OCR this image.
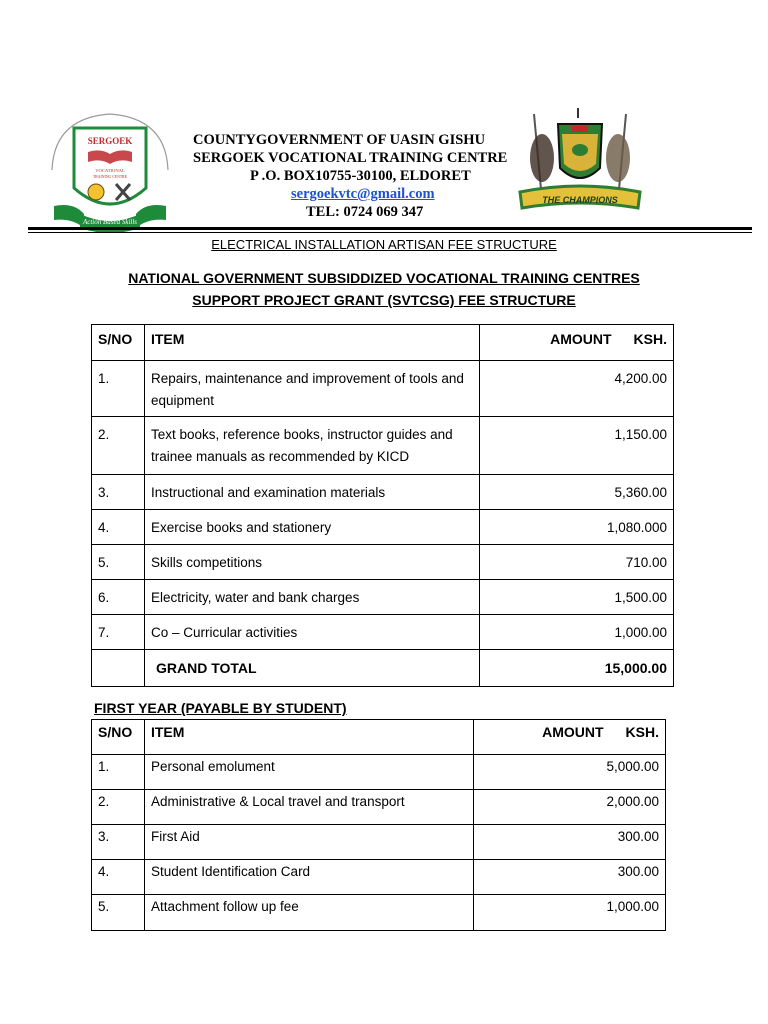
SERGOEK
VOCATIONAL
TRAINING CENTRE
Action Based Skills
THE CHAMPIONS
COUNTYGOVERNMENT OF UASIN GISHU
SERGOEK VOCATIONAL TRAINING CENTRE
P .O. BOX10755-30100, ELDORET
sergoekvtc@gmail.com
TEL: 0724 069 347
ELECTRICAL INSTALLATION ARTISAN FEE STRUCTURE
NATIONAL GOVERNMENT SUBSIDDIZED VOCATIONAL TRAINING CENTRES
SUPPORT PROJECT GRANT (SVTCSG) FEE STRUCTURE
S/NO	ITEM	AMOUNT KSH.

1.	Repairs, maintenance and improvement of tools and equipment	4,200.00

2.	Text books, reference books, instructor guides and trainee manuals as recommended by KICD	1,150.00

3.	Instructional and examination materials	5,360.00

4.	Exercise books and stationery	1,080.000

5.	Skills competitions	710.00

6.	Electricity, water and bank charges	1,500.00

7.	Co – Curricular activities	1,000.00

	GRAND TOTAL	15,000.00
FIRST YEAR (PAYABLE BY STUDENT)
S/NO	ITEM	AMOUNT KSH.

1.	Personal emolument	5,000.00

2.	Administrative & Local travel and transport	2,000.00

3.	First Aid	300.00

4.	Student Identification Card	300.00

5.	Attachment follow up fee	1,000.00
